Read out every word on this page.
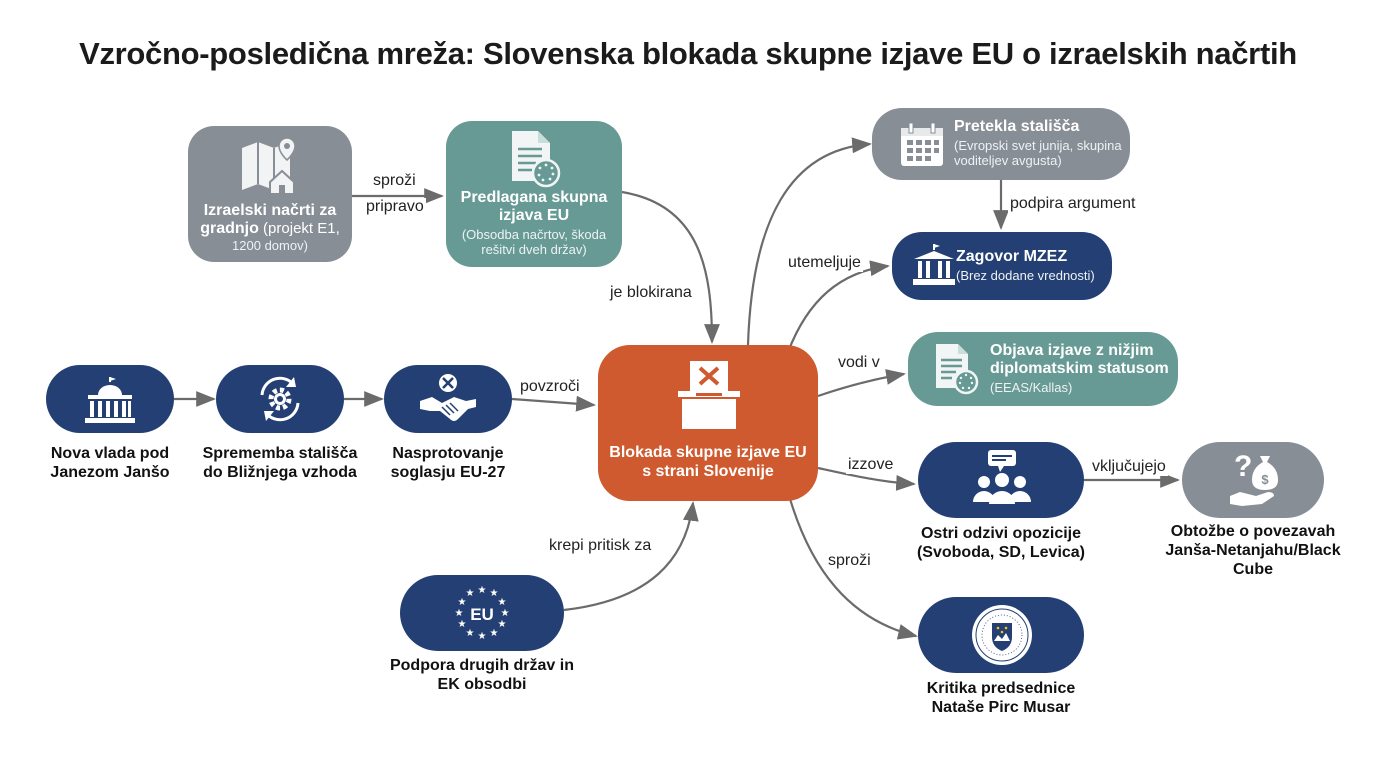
Vzročno-posledična mreža: Slovenska blokada skupne izjave EU o izraelskih načrtih
sproži
pripravo
je blokirana
povzroči
krepi pritisk za
utemeljuje
podpira argument
vodi v
izzove	vključujejo
sproži
Izraelski načrti za
gradnjo (projekt E1,
1200 domov)
Predlagana skupna izjava EU
(Obsodba načrtov, škoda rešitvi dveh držav)
Nova vlada pod Janezom Janšo
Sprememba stališča do Bližnjega vzhoda
Nasprotovanje soglasju EU-27
Blokada skupne izjave EU s strani Slovenije
★ ★
★
★
★
★
★
★
★
★
★
★
EU
Podpora drugih držav in EK obsodbi
Pretekla stališča
(Evropski svet junija, skupina voditeljev avgusta)
Zagovor MZEZ
(Brez dodane vrednosti)
Objava izjave z nižjim diplomatskim statusom
(EEAS/Kallas)
Ostri odzivi opozicije (Svoboda, SD, Levica)
? $
Obtožbe o povezavah Janša-Netanjahu/Black Cube
Kritika predsednice Nataše Pirc Musar
